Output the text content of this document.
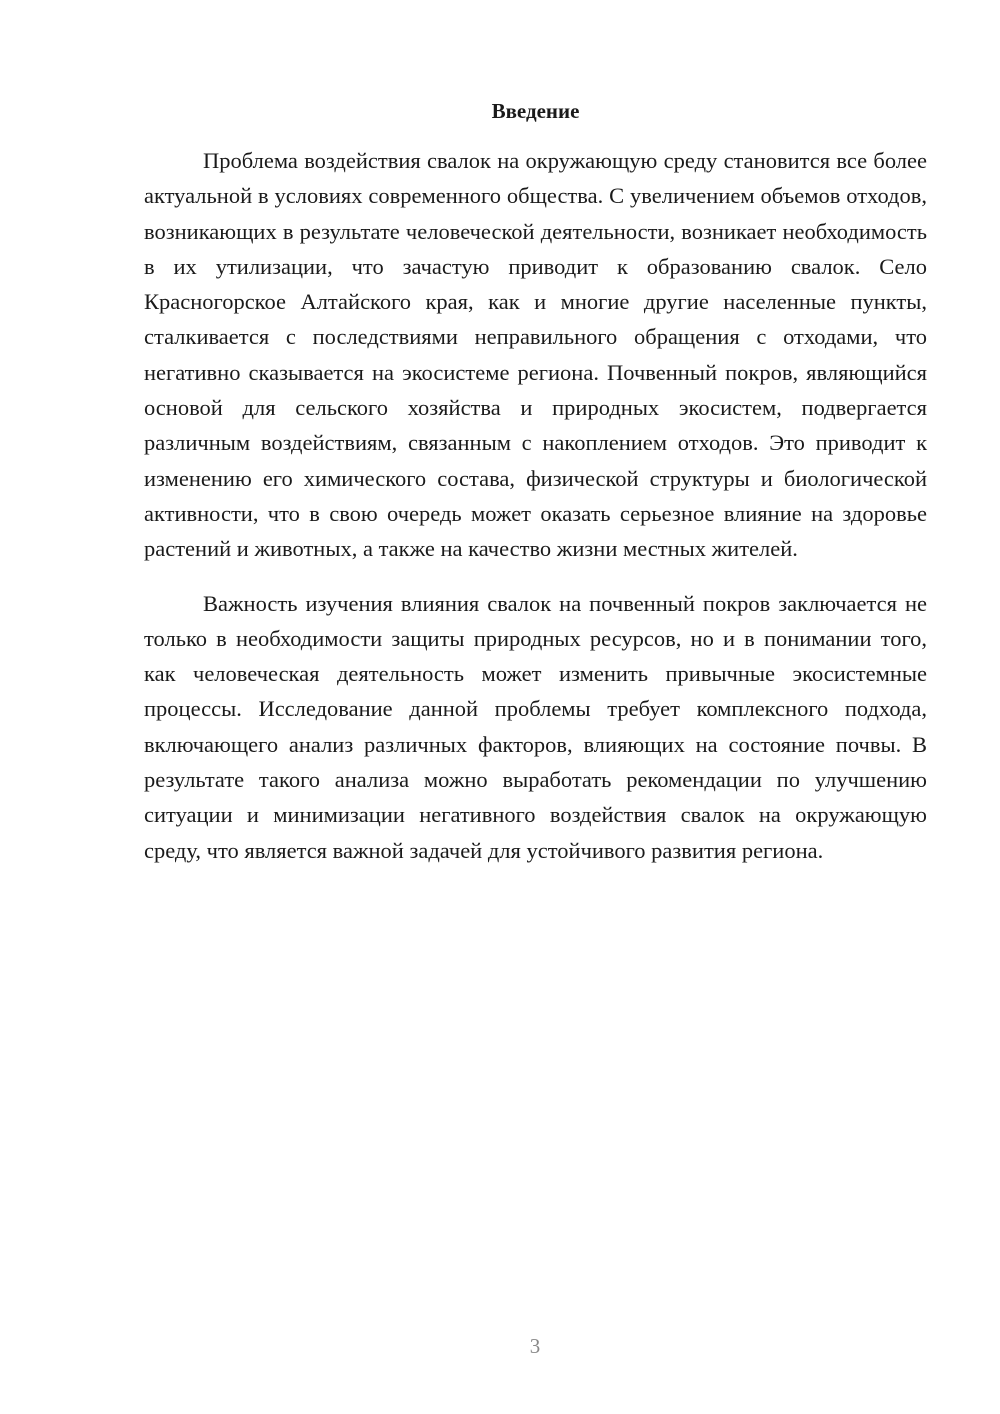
Введение

Проблема воздействия свалок на окружающую среду становится все более актуальной в условиях современного общества. С увеличением объемов отходов, возникающих в результате человеческой деятельности, возникает необходимость в их утилизации, что зачастую приводит к образованию свалок. Село Красногорское Алтайского края, как и многие другие населенные пункты, сталкивается с последствиями неправильного обращения с отходами, что негативно сказывается на экосистеме региона. Почвенный покров, являющийся основой для сельского хозяйства и природных экосистем, подвергается различным воздействиям, связанным с накоплением отходов. Это приводит к изменению его химического состава, физической структуры и биологической активности, что в свою очередь может оказать серьезное влияние на здоровье растений и животных, а также на качество жизни местных жителей.

Важность изучения влияния свалок на почвенный покров заключается не только в необходимости защиты природных ресурсов, но и в понимании того, как человеческая деятельность может изменить привычные экосистемные процессы. Исследование данной проблемы требует комплексного подхода, включающего анализ различных факторов, влияющих на состояние почвы. В результате такого анализа можно выработать рекомендации по улучшению ситуации и минимизации негативного воздействия свалок на окружающую среду, что является важной задачей для устойчивого развития региона.

3
